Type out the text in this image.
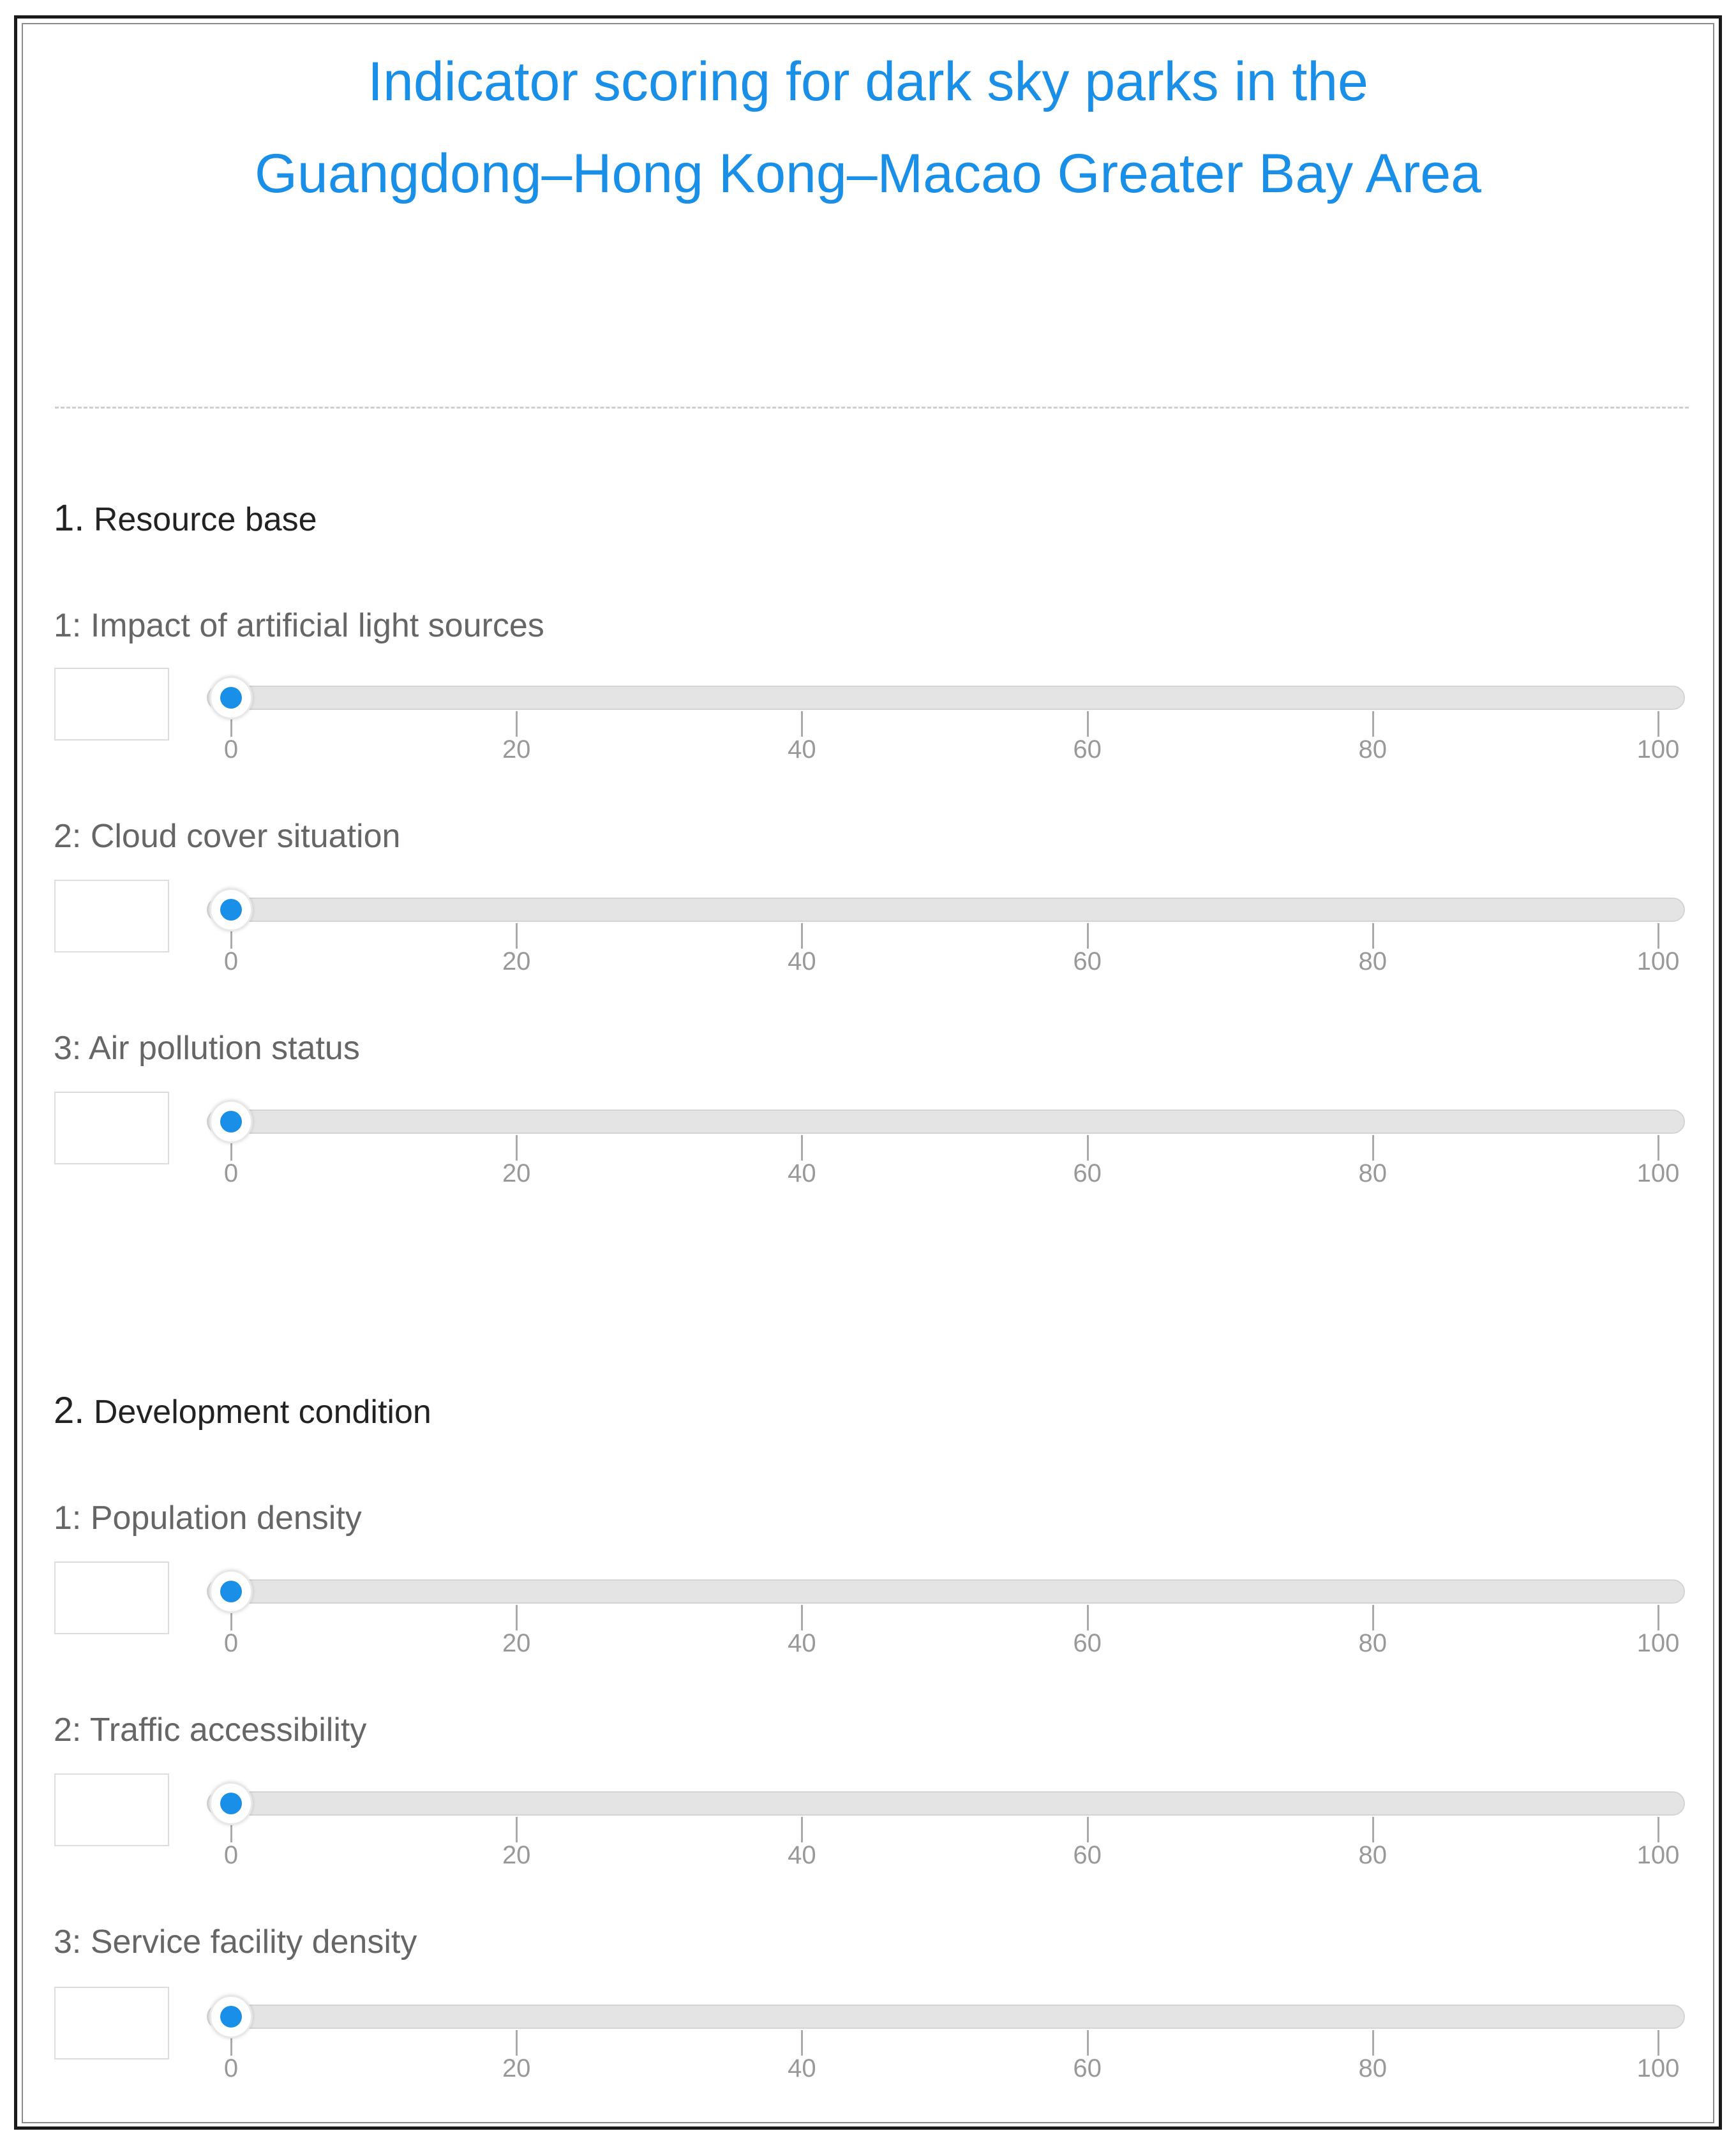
Indicator scoring for dark sky parks in the
Guangdong–Hong Kong–Macao Greater Bay Area
1. Resource base
1: Impact of artificial light sources
0	20	40	60	80	100
2: Cloud cover situation
0	20	40	60	80	100
3: Air pollution status
0	20	40	60	80	100
2. Development condition
1: Population density
0	20	40	60	80	100
2: Traffic accessibility
0	20	40	60	80	100
3: Service facility density
0	20	40	60	80	100
